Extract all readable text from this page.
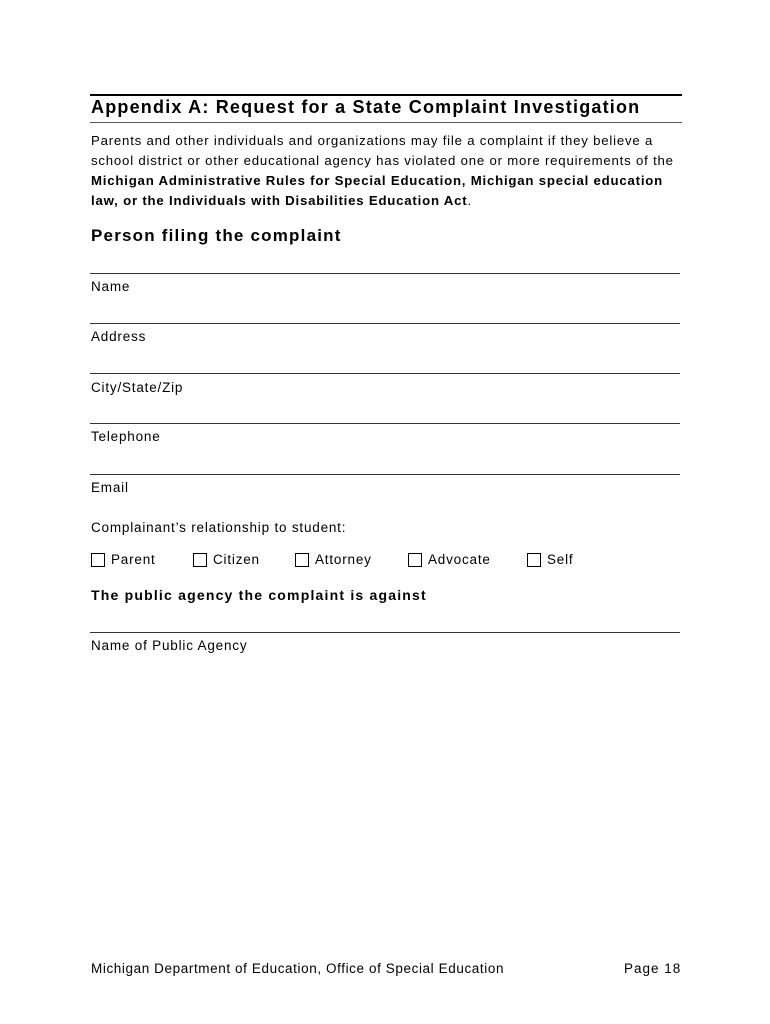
Appendix A: Request for a State Complaint Investigation
Parents and other individuals and organizations may file a complaint if they believe a school district or other educational agency has violated one or more requirements of the Michigan Administrative Rules for Special Education, Michigan special education law, or the Individuals with Disabilities Education Act.
Person filing the complaint
Name
Address
City/State/Zip
Telephone
Email
Complainant’s relationship to student:
Parent	Citizen	Attorney	Advocate	Self
The public agency the complaint is against
Name of Public Agency
Michigan Department of Education, Office of Special Education	Page 18
